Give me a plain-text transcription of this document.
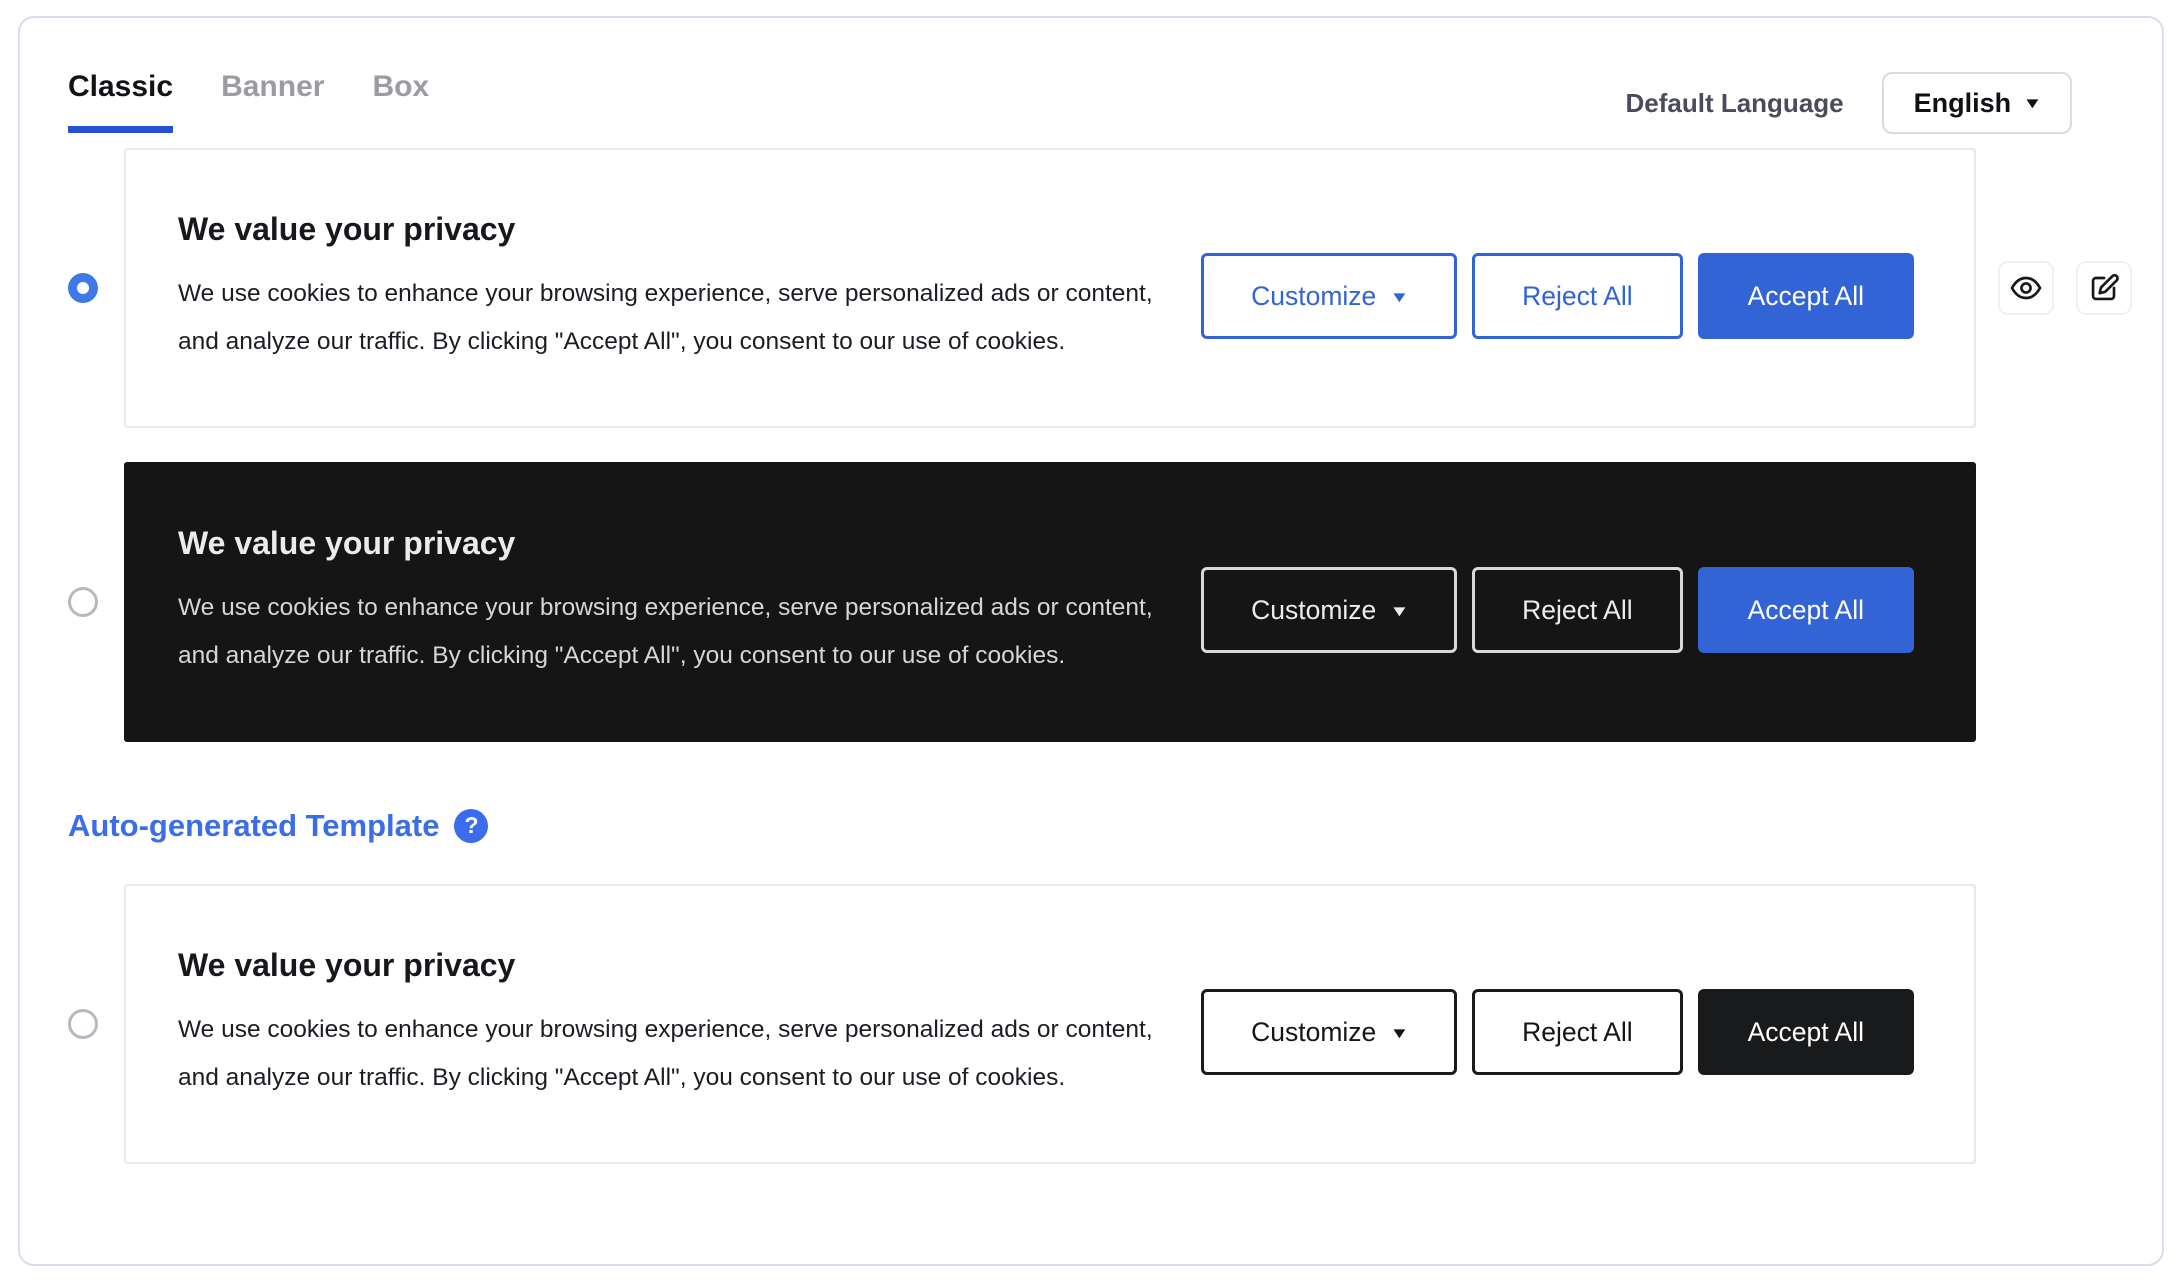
Classic Banner Box	Default Language	English ▼
We value your privacy
We use cookies to enhance your browsing experience, serve personalized ads or content, and analyze our traffic. By clicking "Accept All", you consent to our use of cookies.
Customize ▼	Reject All	Accept All
We value your privacy
We use cookies to enhance your browsing experience, serve personalized ads or content, and analyze our traffic. By clicking "Accept All", you consent to our use of cookies.
Customize ▼	Reject All	Accept All
Auto-generated Template	?
We value your privacy
We use cookies to enhance your browsing experience, serve personalized ads or content, and analyze our traffic. By clicking "Accept All", you consent to our use of cookies.
Customize ▼	Reject All	Accept All
